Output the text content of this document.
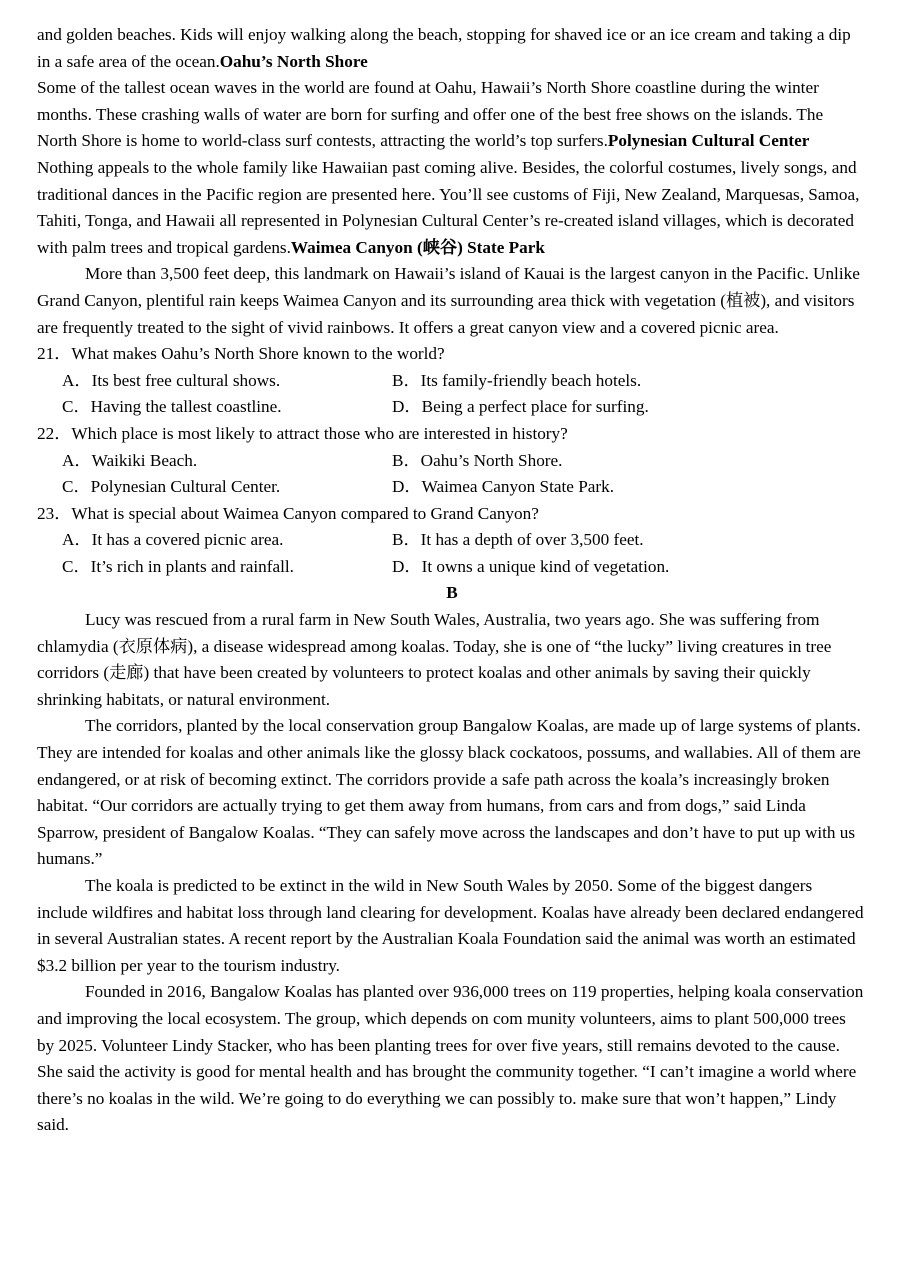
and golden beaches. Kids will enjoy walking along the beach, stopping for shaved ice or an ice cream and taking a dip in a safe area of the ocean.Oahu’s North Shore

Some of the tallest ocean waves in the world are found at Oahu, Hawaii’s North Shore coastline during the winter months. These crashing walls of water are born for surfing and offer one of the best free shows on the islands. The North Shore is home to world-class surf contests, attracting the world’s top surfers.Polynesian Cultural Center

Nothing appeals to the whole family like Hawaiian past coming alive. Besides, the colorful costumes, lively songs, and traditional dances in the Pacific region are presented here. You’ll see customs of Fiji, New Zealand, Marquesas, Samoa, Tahiti, Tonga, and Hawaii all represented in Polynesian Cultural Center’s re-created island villages, which is decorated with palm trees and tropical gardens.Waimea Canyon (峡谷) State Park

More than 3,500 feet deep, this landmark on Hawaii’s island of Kauai is the largest canyon in the Pacific. Unlike Grand Canyon, plentiful rain keeps Waimea Canyon and its surrounding area thick with vegetation (植被), and visitors are frequently treated to the sight of vivid rainbows. It offers a great canyon view and a covered picnic area.

21．What makes Oahu’s North Shore known to the world?

A．Its best free cultural shows.	B．Its family-friendly beach hotels.
C．Having the tallest coastline.	D．Being a perfect place for surfing.

22．Which place is most likely to attract those who are interested in history?

A．Waikiki Beach.	B．Oahu’s North Shore.
C．Polynesian Cultural Center.	D．Waimea Canyon State Park.

23．What is special about Waimea Canyon compared to Grand Canyon?

A．It has a covered picnic area.	B．It has a depth of over 3,500 feet.
C．It’s rich in plants and rainfall.	D．It owns a unique kind of vegetation.

B

Lucy was rescued from a rural farm in New South Wales, Australia, two years ago. She was suffering from chlamydia (衣原体病), a disease widespread among koalas. Today, she is one of “the lucky” living creatures in tree corridors (走廊) that have been created by volunteers to protect koalas and other animals by saving their quickly shrinking habitats, or natural environment.

The corridors, planted by the local conservation group Bangalow Koalas, are made up of large systems of plants. They are intended for koalas and other animals like the glossy black cockatoos, possums, and wallabies. All of them are endangered, or at risk of becoming extinct. The corridors provide a safe path across the koala’s increasingly broken habitat. “Our corridors are actually trying to get them away from humans, from cars and from dogs,” said Linda Sparrow, president of Bangalow Koalas. “They can safely move across the landscapes and don’t have to put up with us humans.”

The koala is predicted to be extinct in the wild in New South Wales by 2050. Some of the biggest dangers include wildfires and habitat loss through land clearing for development. Koalas have already been declared endangered in several Australian states. A recent report by the Australian Koala Foundation said the animal was worth an estimated $3.2 billion per year to the tourism industry.

Founded in 2016, Bangalow Koalas has planted over 936,000 trees on 119 properties, helping koala conservation and improving the local ecosystem. The group, which depends on com munity volunteers, aims to plant 500,000 trees by 2025. Volunteer Lindy Stacker, who has been planting trees for over five years, still remains devoted to the cause. She said the activity is good for mental health and has brought the community together. “I can’t imagine a world where there’s no koalas in the wild. We’re going to do everything we can possibly to. make sure that won’t happen,” Lindy said.
